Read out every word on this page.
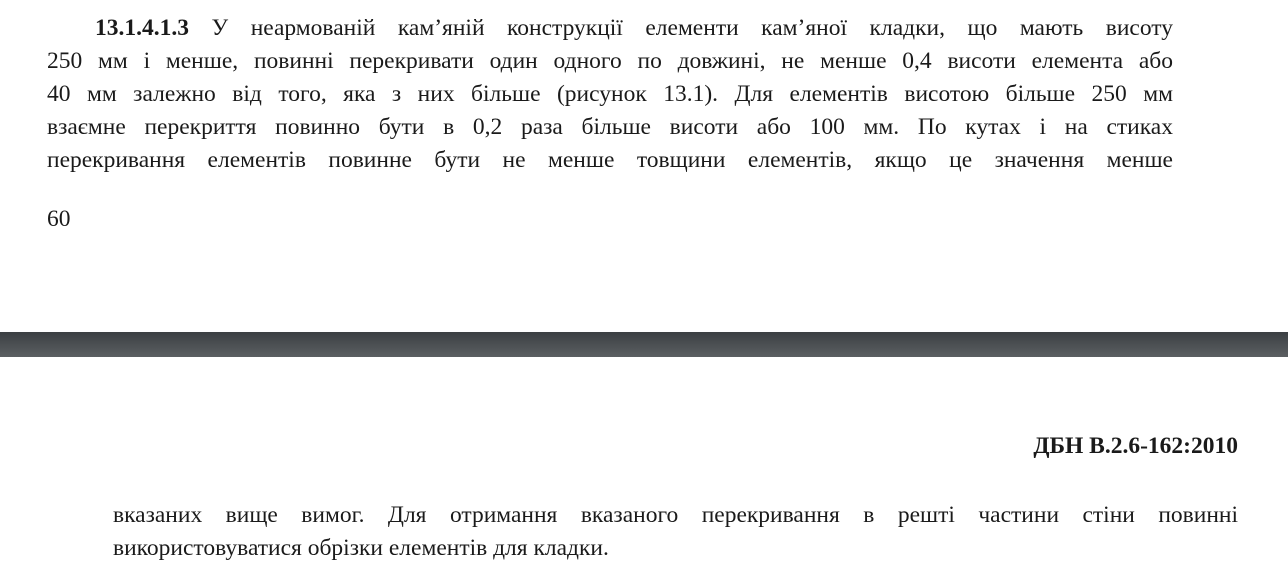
13.1.4.1.3 У неармованій кам’яній конструкції елементи кам’яної кладки, що мають висоту
250 мм і менше, повинні перекривати один одного по довжині, не менше 0,4 висоти елемента або
40 мм залежно від того, яка з них більше (рисунок 13.1). Для елементів висотою більше 250 мм
взаємне перекриття повинно бути в 0,2 раза більше висоти або 100 мм. По кутах і на стиках
перекривання елементів повинне бути не менше товщини елементів, якщо це значення менше

60
ДБН В.2.6-162:2010

вказаних вище вимог. Для отримання вказаного перекривання в решті частини стіни повинні
використовуватися обрізки елементів для кладки.
